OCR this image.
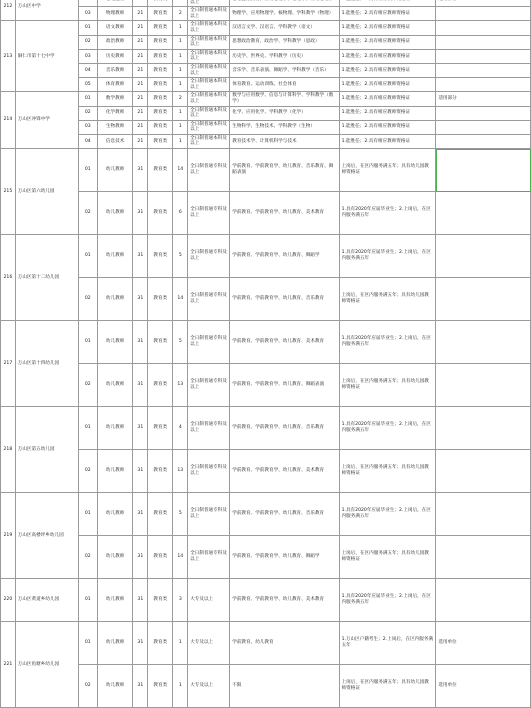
212	万山区中学						以上			
		03	物理教师	21	教育类	2	全日制普通本科及以上	物理学、应用物理学、核物理、学科教学（物理）	1.能胜任；2.具有相应教师资格证	
213	铜仁市第十七中学	01	语文教师	21	教育类	1	全日制普通本科及以上	汉语言文学、汉语言、学科教学（语文）	1.能胜任；2.具有相应教师资格证	
		02	政治教师	21	教育类	1	全日制普通本科及以上	思想政治教育、政治学、学科教学（思政）	1.能胜任；2.具有相应教师资格证	
		03	历史教师	21	教育类	1	全日制普通本科及以上	历史学、世界史、学科教学（历史）	1.能胜任；2.具有相应教师资格证	
		04	音乐教师	21	教育类	1	全日制普通本科及以上	音乐学、音乐表演、舞蹈学、学科教学（音乐）	1.能胜任；2.具有相应教师资格证	
		05	体育教师	21	教育类	1	全日制普通本科及以上	体育教育、运动训练、社会体育	1.能胜任；2.具有相应教师资格证	
214	万山区冲锋中学	01	数学教师	21	教育类	2	全日制普通本科及以上	数学与应用数学、信息与计算科学、学科教学（数学）	1.能胜任；2.具有相应教师资格证	适用部分
		02	化学教师	21	教育类	1	全日制普通本科及以上	化学、应用化学、学科教学（化学）	1.能胜任；2.具有相应教师资格证	
		03	生物教师	21	教育类	1	全日制普通本科及以上	生物科学、生物技术、学科教学（生物）	1.能胜任；2.具有相应教师资格证	
		04	信息技术	21	教育类	1	全日制普通本科及以上	教育技术学、计算机科学与技术	1.能胜任；2.具有相应教师资格证	
215	万山区第六幼儿园	01	幼儿教师	31	教育类	14	全日制普通专科及以上	学前教育、学前教育学、幼儿教育、音乐教育、舞蹈表演	上岗后，在区内服务满五年；具有幼儿园教师资格证	
		02	幼儿教师	31	教育类	6	全日制普通专科及以上	学前教育、学前教育学、幼儿教育、美术教育	1.具有2020年应届毕业生；2.上岗后，在区内服务满五年	
216	万山区第十二幼儿园	01	幼儿教师	31	教育类	5	全日制普通专科及以上	学前教育、学前教育学、幼儿教育、舞蹈学	1.具有2020年应届毕业生；2.上岗后，在区内服务满五年	
		02	幼儿教师	31	教育类	14	全日制普通专科及以上	学前教育、学前教育学、幼儿教育、音乐教育	上岗后，在区内服务满五年；具有幼儿园教师资格证	
217	万山区第十四幼儿园	01	幼儿教师	31	教育类	5	全日制普通专科及以上	学前教育、学前教育学、幼儿教育、美术教育	1.具有2020年应届毕业生；2.上岗后，在区内服务满五年	
		02	幼儿教师	31	教育类	13	全日制普通专科及以上	学前教育、学前教育学、幼儿教育、舞蹈表演	上岗后，在区内服务满五年；具有幼儿园教师资格证	
218	万山区第五幼儿园	01	幼儿教师	31	教育类	4	全日制普通专科及以上	学前教育、学前教育学、幼儿教育、音乐教育	1.具有2020年应届毕业生；2.上岗后，在区内服务满五年	
		02	幼儿教师	31	教育类	13	全日制普通专科及以上	学前教育、学前教育学、幼儿教育、美术教育	上岗后，在区内服务满五年；具有幼儿园教师资格证	
219	万山区高楼坪乡幼儿园	01	幼儿教师	31	教育类	5	全日制普通专科及以上	学前教育、学前教育学、幼儿教育、音乐教育	1.具有2020年应届毕业生；2.上岗后，在区内服务满五年	
		02	幼儿教师	31	教育类	14	全日制普通专科及以上	学前教育、学前教育学、幼儿教育、舞蹈学	上岗后，在区内服务满五年；具有幼儿园教师资格证	
220	万山区黄道乡幼儿园	01	幼儿教师	31	教育类	3	大专及以上	学前教育、学前教育学、幼儿教育、美术教育	1.具有2020年应届毕业生；2.上岗后，在区内服务满五年	
221	万山区鱼塘乡幼儿园	01	幼儿教师	31	教育类	1	大专及以上	学前教育、幼儿教育	1.万山区户籍考生；2.上岗后，在区内服务满五年	选用单位
		02	幼儿教师	31	教育类	1	大专及以上	不限	上岗后，在区内服务满五年；具有幼儿园教师资格证	选用单位
